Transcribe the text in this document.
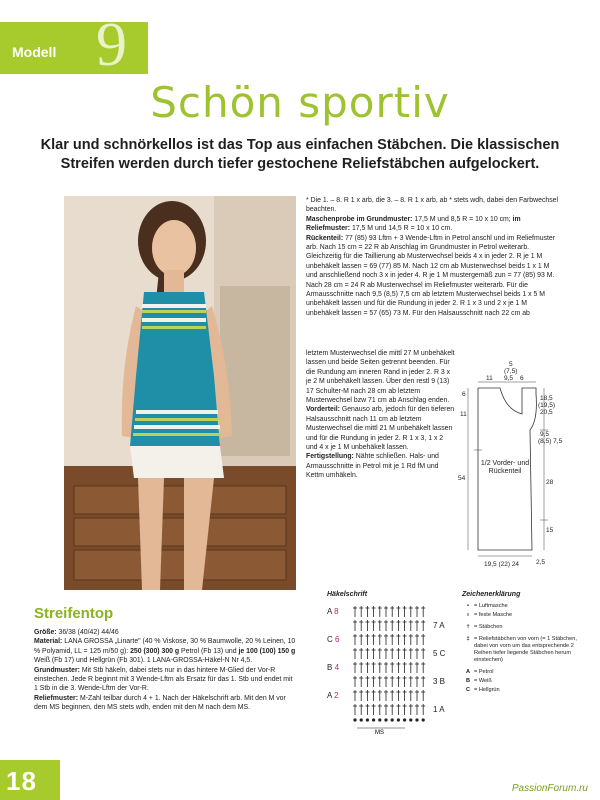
Modell 9
Schön sportiv
Klar und schnörkellos ist das Top aus einfachen Stäbchen. Die klassischen Streifen werden durch tiefer gestochene Reliefstäbchen aufgelockert.

* Die 1. – 8. R 1 x arb, die 3. – 8. R 1 x arb, ab * stets wdh, dabei den Farbwechsel beachten.

Maschenprobe im Grundmuster: 17,5 M und 8,5 R = 10 x 10 cm; im Reliefmuster: 17,5 M und 14,5 R = 10 x 10 cm.

Rückenteil: 77 (85) 93 Lftm + 3 Wende-Lftm in Petrol anschl und im Reliefmuster arb. Nach 15 cm = 22 R ab Anschlag im Grundmuster in Petrol weiterarb. Gleichzeitig für die Taillierung ab Musterwechsel beids 4 x in jeder 2. R je 1 M unbehäkelt lassen = 69 (77) 85 M. Nach 12 cm ab Musterwechsel beids 1 x 1 M und anschließend noch 3 x in jeder 4. R je 1 M mustergemäß zun = 77 (85) 93 M. Nach 28 cm = 24 R ab Musterwechsel im Reliefmuster weiterarb. Für die Armausschnitte nach 9,5 (8,5) 7,5 cm ab letztem Musterwechsel beids 1 x 5 M unbehäkelt lassen und für die Rundung in jeder 2. R 1 x 3 und 2 x je 1 M unbehäkelt lassen = 57 (65) 73 M. Für den Halsausschnitt nach 22 cm ab

letztem Musterwechsel die mittl 27 M unbehäkelt lassen und beide Seiten getrennt beenden. Für die Rundung am inneren Rand in jeder 2. R 3 x je 2 M unbehäkelt lassen. Über den restl 9 (13) 17 Schulter-M nach 28 cm ab letztem Musterwechsel bzw 71 cm ab Anschlag enden.

Vorderteil: Genauso arb, jedoch für den tieferen Halsausschnitt nach 11 cm ab letztem Musterwechsel die mittl 21 M unbehäkelt lassen und für die Rundung in jeder 2. R 1 x 3, 1 x 2 und 4 x je 1 M unbehäkelt lassen.

Fertigstellung: Nähte schließen. Hals- und Armausschnitte in Petrol mit je 1 Rd fM und Kettm umhäkeln.

5
(7,5)
9,5
11	6
6
11
54
18,5
(19,5)
20,5
9,5
(8,5) 7,5
28
15
2,5
1/2 Vorder- und Rückenteil
19,5 (22) 24
Streifentop

Größe: 36/38 (40/42) 44/46

Material: LANA GROSSA „Linarte" (40 % Viskose, 30 % Baumwolle, 20 % Leinen, 10 % Polyamid, LL = 125 m/50 g): 250 (300) 300 g Petrol (Fb 13) und je 100 (100) 150 g Weiß (Fb 17) und Hellgrün (Fb 301). 1 LANA-GROSSA-Häkel-N Nr 4,5.

Grundmuster: Mit Stb häkeln, dabei stets nur in das hintere M-Glied der Vor-R einstechen. Jede R beginnt mit 3 Wende-Lftm als Ersatz für das 1. Stb und endet mit 1 Stb in die 3. Wende-Lftm der Vor-R.

Reliefmuster: M-Zahl teilbar durch 4 + 1. Nach der Häkelschrift arb. Mit den M vor dem MS beginnen, den MS stets wdh, enden mit den M nach dem MS.

Häkelschrift
A 8
C 6
B 4
A 2
7 A
5 C
3 B
1 A
MS
Zeichenerklärung
• = Luftmasche
ı = feste Masche
† = Stäbchen
‡ = Reliefstäbchen von vorn (= 1 Stäbchen, dabei von vorn um das entsprechende 2 Reihen tiefer liegende Stäbchen herum einstechen)
A = Petrol
B = Weiß
C = Hellgrün
18	PassionForum.ru
